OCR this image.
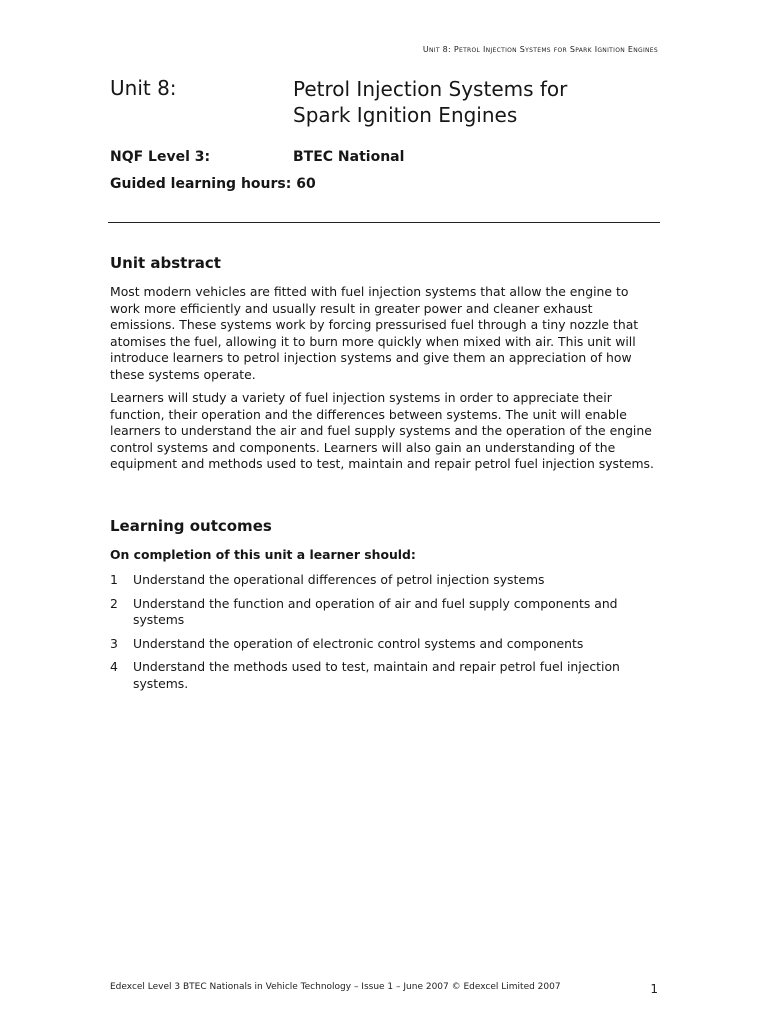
Unit 8: Petrol Injection Systems for Spark Ignition Engines
Unit 8:	Petrol Injection Systems for Spark Ignition Engines
NQF Level 3:	BTEC National
Guided learning hours: 60
Unit abstract

Most modern vehicles are fitted with fuel injection systems that allow the engine to work more efficiently and usually result in greater power and cleaner exhaust emissions. These systems work by forcing pressurised fuel through a tiny nozzle that atomises the fuel, allowing it to burn more quickly when mixed with air. This unit will introduce learners to petrol injection systems and give them an appreciation of how these systems operate.

Learners will study a variety of fuel injection systems in order to appreciate their function, their operation and the differences between systems. The unit will enable learners to understand the air and fuel supply systems and the operation of the engine control systems and components. Learners will also gain an understanding of the equipment and methods used to test, maintain and repair petrol fuel injection systems.

Learning outcomes
On completion of this unit a learner should:
1 Understand the operational differences of petrol injection systems
2 Understand the function and operation of air and fuel supply components and systems
3 Understand the operation of electronic control systems and components
4 Understand the methods used to test, maintain and repair petrol fuel injection systems.
Edexcel Level 3 BTEC Nationals in Vehicle Technology – Issue 1 – June 2007 © Edexcel Limited 2007	1
